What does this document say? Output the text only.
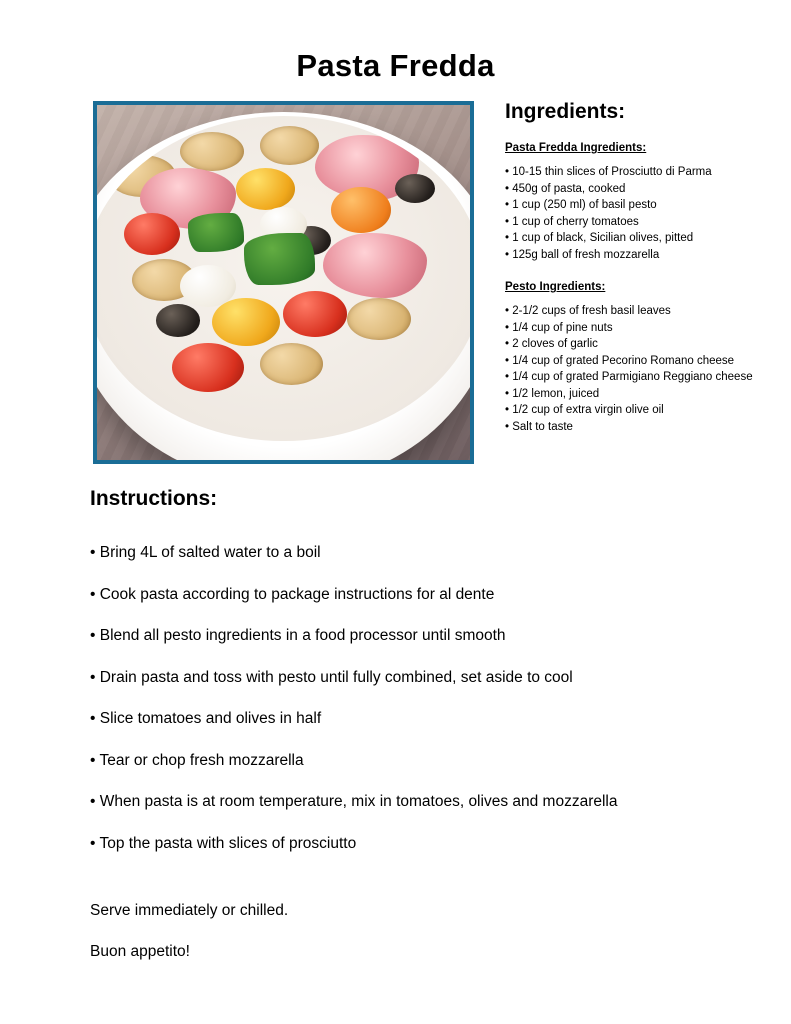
Pasta Fredda
Ingredients:
Pasta Fredda Ingredients:
• 10-15 thin slices of Prosciutto di Parma
• 450g of pasta, cooked
• 1 cup (250 ml) of basil pesto
• 1 cup of cherry tomatoes
• 1 cup of black, Sicilian olives, pitted
• 125g ball of fresh mozzarella
Pesto Ingredients:
• 2-1/2 cups of fresh basil leaves
• 1/4 cup of pine nuts
• 2 cloves of garlic
• 1/4 cup of grated Pecorino Romano cheese
• 1/4 cup of grated Parmigiano Reggiano cheese
• 1/2 lemon, juiced
• 1/2 cup of extra virgin olive oil
• Salt to taste
Instructions:
• Bring 4L of salted water to a boil
• Cook pasta according to package instructions for al dente
• Blend all pesto ingredients in a food processor until smooth
• Drain pasta and toss with pesto until fully combined, set aside to cool
• Slice tomatoes and olives in half
• Tear or chop fresh mozzarella
• When pasta is at room temperature, mix in tomatoes, olives and mozzarella
• Top the pasta with slices of prosciutto
Serve immediately or chilled.
Buon appetito!
